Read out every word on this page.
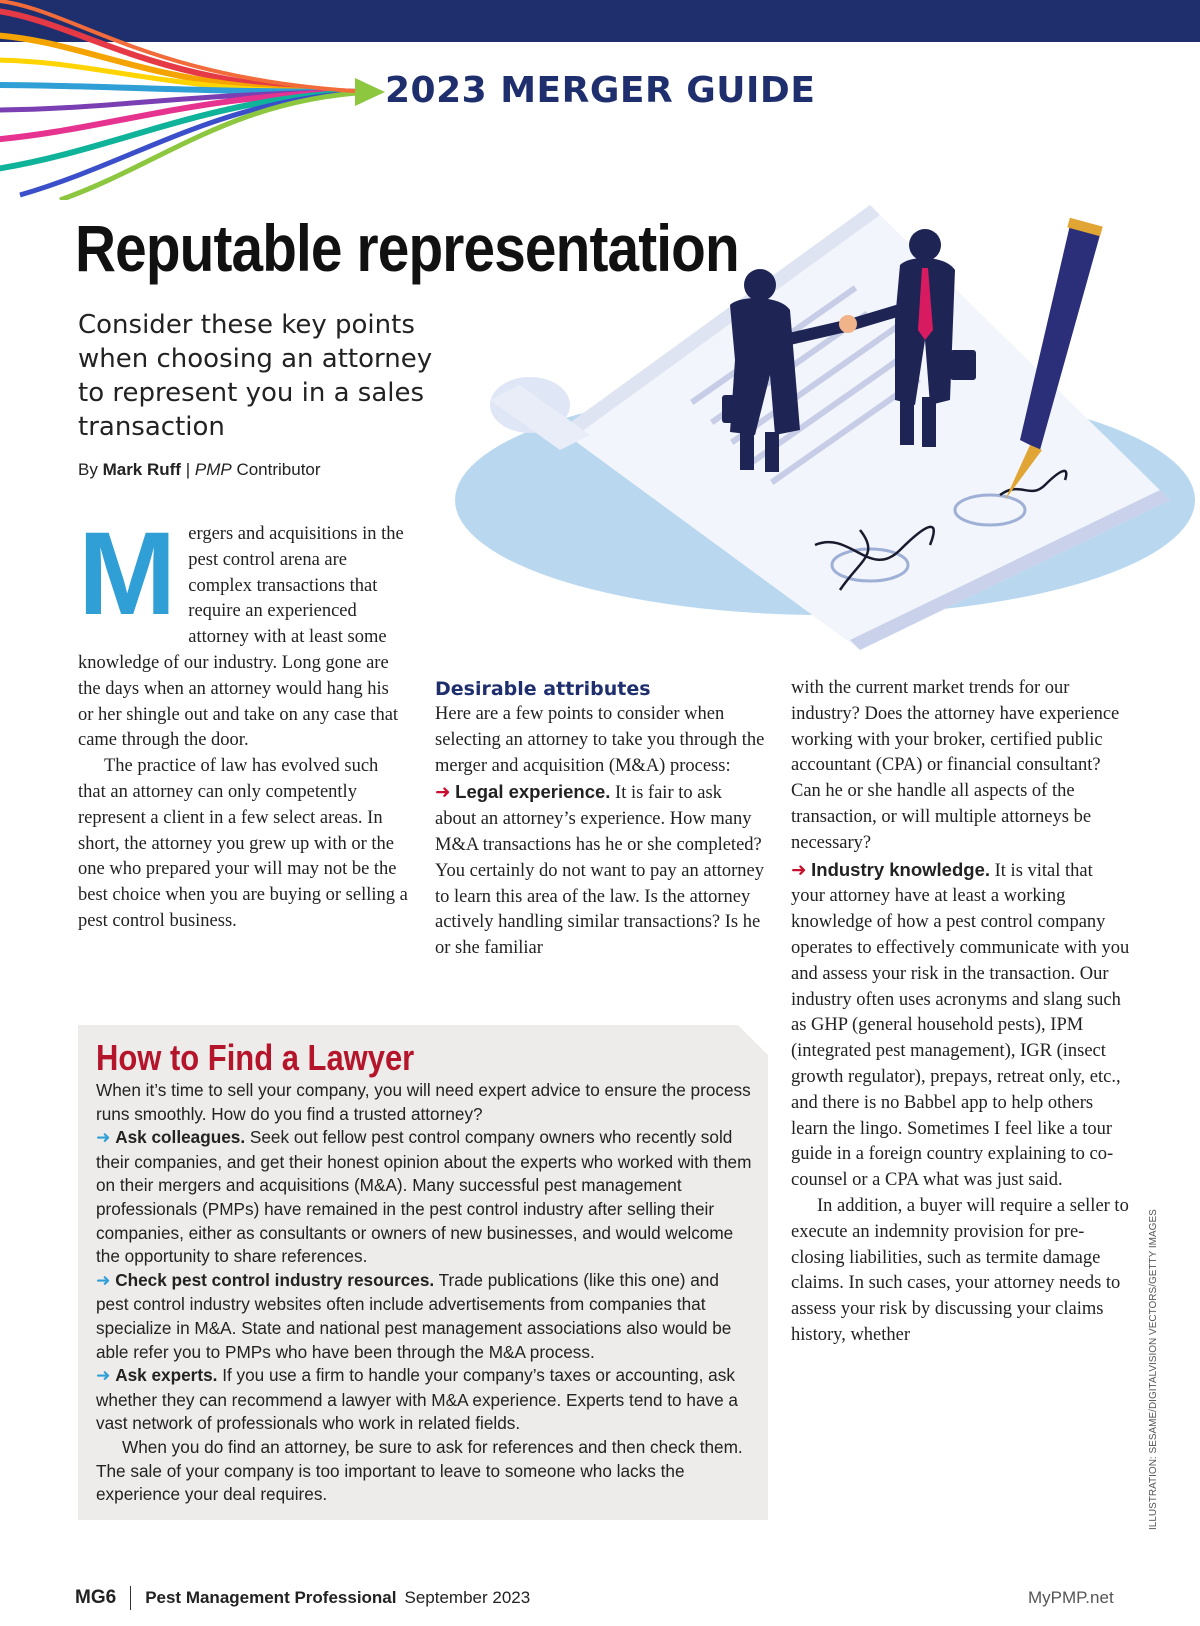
2023 MERGER GUIDE
Reputable representation
Consider these key points when choosing an attorney to represent you in a sales transaction
By Mark Ruff | PMP Contributor
M ergers and acquisitions in the pest control arena are complex transactions that require an experienced attorney with at least some knowledge of our industry. Long gone are the days when an attorney would hang his or her shingle out and take on any case that came through the door.

The practice of law has evolved such that an attorney can only competently represent a client in a few select areas. In short, the attorney you grew up with or the one who prepared your will may not be the best choice when you are buying or selling a pest control business.

Desirable attributes

Here are a few points to consider when selecting an attorney to take you through the merger and acquisition (M&A) process:

➜ Legal experience. It is fair to ask about an attorney’s experience. How many M&A transactions has he or she completed? You certainly do not want to pay an attorney to learn this area of the law. Is the attorney actively handling similar transactions? Is he or she familiar

with the current market trends for our industry? Does the attorney have experience working with your broker, certified public accountant (CPA) or financial consultant? Can he or she handle all aspects of the transaction, or will multiple attorneys be necessary?

➜ Industry knowledge. It is vital that your attorney have at least a working knowledge of how a pest control company operates to effectively communicate with you and assess your risk in the transaction. Our industry often uses acronyms and slang such as GHP (general household pests), IPM (integrated pest management), IGR (insect growth regulator), prepays, retreat only, etc., and there is no Babbel app to help others learn the lingo. Sometimes I feel like a tour guide in a foreign country explaining to co-counsel or a CPA what was just said.

In addition, a buyer will require a seller to execute an indemnity provision for pre-closing liabilities, such as termite damage claims. In such cases, your attorney needs to assess your risk by discussing your claims history, whether

How to Find a Lawyer

When it’s time to sell your company, you will need expert advice to ensure the process runs smoothly. How do you find a trusted attorney?

➜ Ask colleagues. Seek out fellow pest control company owners who recently sold their companies, and get their honest opinion about the experts who worked with them on their mergers and acquisitions (M&A). Many successful pest management professionals (PMPs) have remained in the pest control industry after selling their companies, either as consultants or owners of new businesses, and would welcome the opportunity to share references.

➜ Check pest control industry resources. Trade publications (like this one) and pest control industry websites often include advertisements from companies that specialize in M&A. State and national pest management associations also would be able refer you to PMPs who have been through the M&A process.

➜ Ask experts. If you use a firm to handle your company’s taxes or accounting, ask whether they can recommend a lawyer with M&A experience. Experts tend to have a vast network of professionals who work in related fields.

When you do find an attorney, be sure to ask for references and then check them. The sale of your company is too important to leave to someone who lacks the experience your deal requires.	ILLUSTRATION: SESAME/DIGITALVISION VECTORS/GETTY IMAGES
MG6 Pest Management Professional September 2023	MyPMP.net
